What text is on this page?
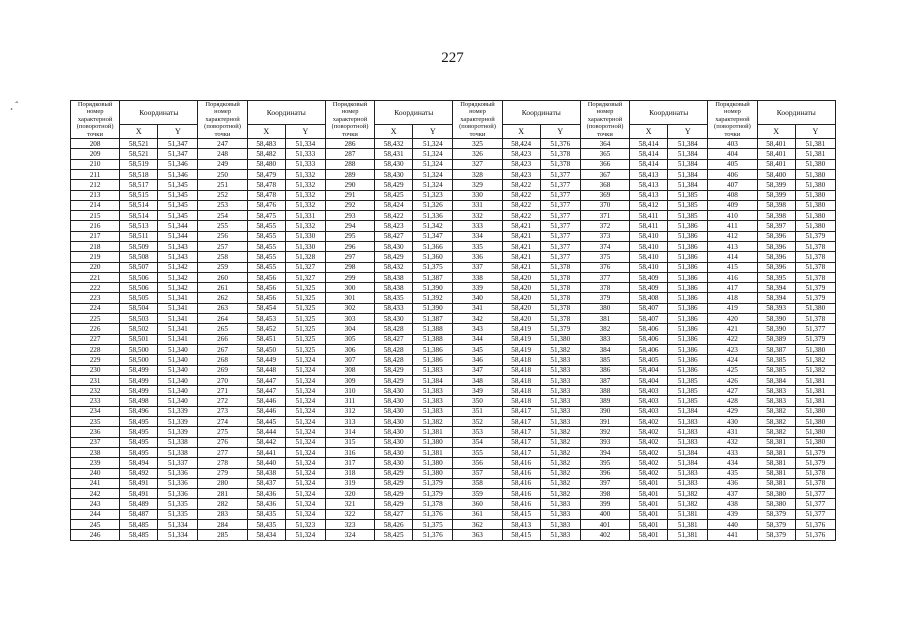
227
¸ ˆ	Порядковый номер характерной (поворотной) точки	Координаты		Порядковый номер характерной (поворотной) точки	Координаты		Порядковый номер характерной (поворотной) точки	Координаты		Порядковый номер характерной (поворотной) точки	Координаты		Порядковый номер характерной (поворотной) точки	Координаты		Порядковый номер характерной (поворотной) точки	Координаты	
	X	Y		X	Y		X	Y		X	Y		X	Y		X	Y
208	58,521	51,347	247	58,483	51,334	286	58,432	51,324	325	58,424	51,376	364	58,414	51,384	403	58,401	51,381
209	58,521	51,347	248	58,482	51,333	287	58,431	51,324	326	58,423	51,378	365	58,414	51,384	404	58,401	51,381
210	58,519	51,346	249	58,480	51,333	288	58,430	51,324	327	58,423	51,378	366	58,414	51,384	405	58,401	51,380
211	58,518	51,346	250	58,479	51,332	289	58,430	51,324	328	58,423	51,377	367	58,413	51,384	406	58,400	51,380
212	58,517	51,345	251	58,478	51,332	290	58,429	51,324	329	58,422	51,377	368	58,413	51,384	407	58,399	51,380
213	58,515	51,345	252	58,478	51,332	291	58,425	51,323	330	58,422	51,377	369	58,413	51,385	408	58,399	51,380
214	58,514	51,345	253	58,476	51,332	292	58,424	51,326	331	58,422	51,377	370	58,412	51,385	409	58,398	51,380
215	58,514	51,345	254	58,475	51,331	293	58,422	51,336	332	58,422	51,377	371	58,411	51,385	410	58,398	51,380
216	58,513	51,344	255	58,455	51,332	294	58,423	51,342	333	58,421	51,377	372	58,411	51,386	411	58,397	51,380
217	58,511	51,344	256	58,455	51,330	295	58,427	51,347	334	58,421	51,377	373	58,410	51,386	412	58,396	51,379
218	58,509	51,343	257	58,455	51,330	296	58,430	51,366	335	58,421	51,377	374	58,410	51,386	413	58,396	51,378
219	58,508	51,343	258	58,455	51,328	297	58,429	51,360	336	58,421	51,377	375	58,410	51,386	414	58,396	51,378
220	58,507	51,342	259	58,455	51,327	298	58,432	51,375	337	58,421	51,378	376	58,410	51,386	415	58,396	51,378
221	58,506	51,342	260	58,456	51,327	299	58,438	51,387	338	58,420	51,378	377	58,409	51,386	416	58,395	51,378
222	58,506	51,342	261	58,456	51,325	300	58,438	51,390	339	58,420	51,378	378	58,409	51,386	417	58,394	51,379
223	58,505	51,341	262	58,456	51,325	301	58,435	51,392	340	58,420	51,378	379	58,408	51,386	418	58,394	51,379
224	58,504	51,341	263	58,454	51,325	302	58,433	51,390	341	58,420	51,378	380	58,407	51,386	419	58,393	51,380
225	58,503	51,341	264	58,453	51,325	303	58,430	51,387	342	58,420	51,378	381	58,407	51,386	420	58,390	51,378
226	58,502	51,341	265	58,452	51,325	304	58,428	51,388	343	58,419	51,379	382	58,406	51,386	421	58,390	51,377
227	58,501	51,341	266	58,451	51,325	305	58,427	51,388	344	58,419	51,380	383	58,406	51,386	422	58,389	51,379
228	58,500	51,340	267	58,450	51,325	306	58,428	51,386	345	58,419	51,382	384	58,406	51,386	423	58,387	51,380
229	58,500	51,340	268	58,449	51,324	307	58,428	51,386	346	58,418	51,383	385	58,405	51,386	424	58,385	51,382
230	58,499	51,340	269	58,448	51,324	308	58,429	51,383	347	58,418	51,383	386	58,404	51,386	425	58,385	51,382
231	58,499	51,340	270	58,447	51,324	309	58,429	51,384	348	58,418	51,383	387	58,404	51,385	426	58,384	51,381
232	58,499	51,340	271	58,447	51,324	310	58,430	51,383	349	58,418	51,383	388	58,403	51,385	427	58,383	51,381
233	58,498	51,340	272	58,446	51,324	311	58,430	51,383	350	58,418	51,383	389	58,403	51,385	428	58,383	51,381
234	58,496	51,339	273	58,446	51,324	312	58,430	51,383	351	58,417	51,383	390	58,403	51,384	429	58,382	51,380
235	58,495	51,339	274	58,445	51,324	313	58,430	51,382	352	58,417	51,383	391	58,402	51,383	430	58,382	51,380
236	58,495	51,339	275	58,444	51,324	314	58,430	51,381	353	58,417	51,382	392	58,402	51,383	431	58,382	51,380
237	58,495	51,338	276	58,442	51,324	315	58,430	51,380	354	58,417	51,382	393	58,402	51,383	432	58,381	51,380
238	58,495	51,338	277	58,441	51,324	316	58,430	51,381	355	58,417	51,382	394	58,402	51,384	433	58,381	51,379
239	58,494	51,337	278	58,440	51,324	317	58,430	51,380	356	58,416	51,382	395	58,402	51,384	434	58,381	51,379
240	58,492	51,336	279	58,438	51,324	318	58,429	51,380	357	58,416	51,382	396	58,402	51,383	435	58,381	51,378
241	58,491	51,336	280	58,437	51,324	319	58,429	51,379	358	58,416	51,382	397	58,401	51,383	436	58,381	51,378
242	58,491	51,336	281	58,436	51,324	320	58,429	51,379	359	58,416	51,382	398	58,401	51,382	437	58,380	51,377
243	58,489	51,335	282	58,436	51,324	321	58,429	51,378	360	58,416	51,383	399	58,401	51,382	438	58,380	51,377
244	58,487	51,335	283	58,435	51,324	322	58,427	51,376	361	58,415	51,383	400	58,401	51,381	439	58,379	51,377
245	58,485	51,334	284	58,435	51,323	323	58,426	51,375	362	58,413	51,383	401	58,401	51,381	440	58,379	51,376
246	58,485	51,334	285	58,434	51,324	324	58,425	51,376	363	58,415	51,383	402	58,401	51,381	441	58,379	51,376
